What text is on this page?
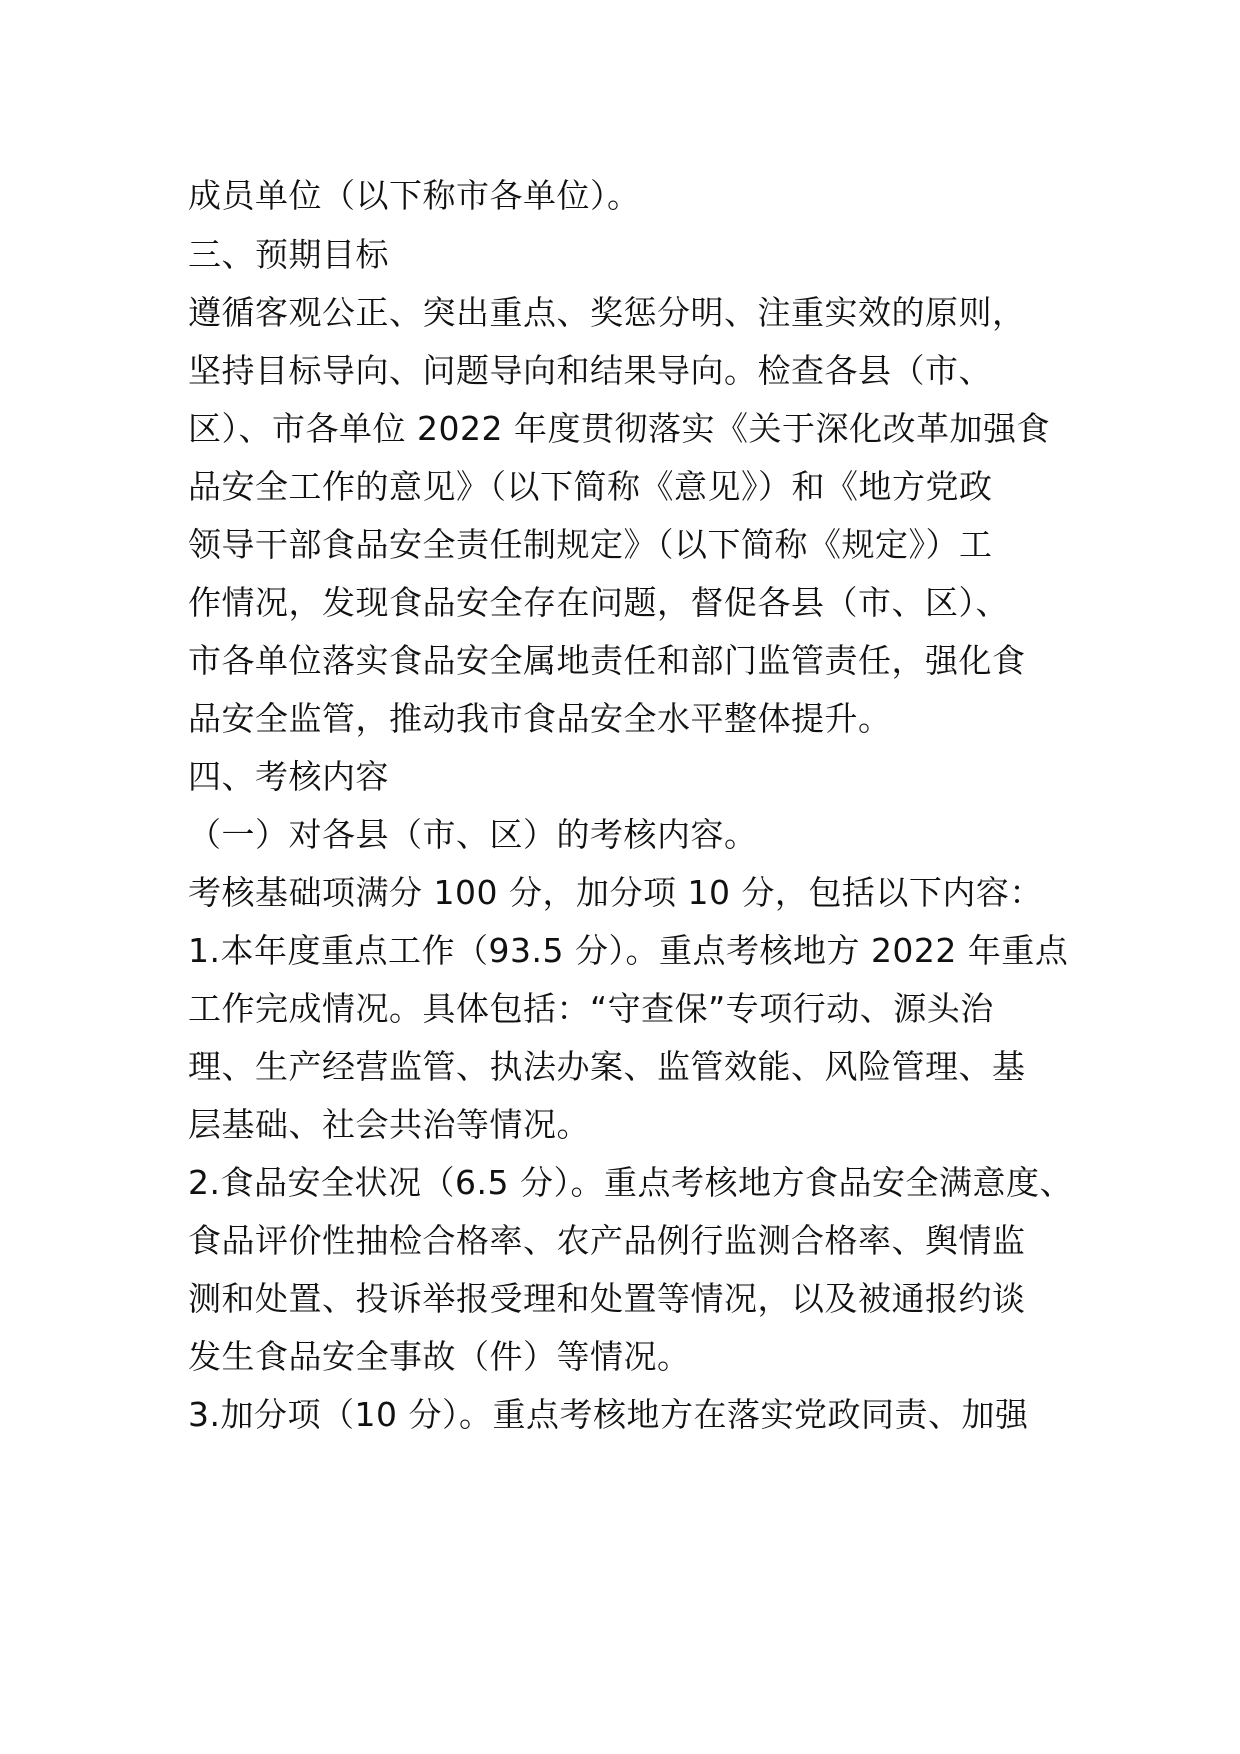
成员单位（以下称市各单位）。
三、预期目标
遵循客观公正、突出重点、奖惩分明、注重实效的原则，
坚持目标导向、问题导向和结果导向。检查各县（市、
区）、市各单位 2022 年度贯彻落实《关于深化改革加强食
品安全工作的意见》（以下简称《意见》）和《地方党政
领导干部食品安全责任制规定》（以下简称《规定》）工
作情况，发现食品安全存在问题，督促各县（市、区）、
市各单位落实食品安全属地责任和部门监管责任，强化食
品安全监管，推动我市食品安全水平整体提升。
四、考核内容
（一）对各县（市、区）的考核内容。
考核基础项满分 100 分，加分项 10 分，包括以下内容：
1.本年度重点工作（93.5 分）。重点考核地方 2022 年重点
工作完成情况。具体包括：“守查保”专项行动、源头治
理、生产经营监管、执法办案、监管效能、风险管理、基
层基础、社会共治等情况。
2.食品安全状况（6.5 分）。重点考核地方食品安全满意度、
食品评价性抽检合格率、农产品例行监测合格率、舆情监
测和处置、投诉举报受理和处置等情况，以及被通报约谈
发生食品安全事故（件）等情况。
3.加分项（10 分）。重点考核地方在落实党政同责、加强
